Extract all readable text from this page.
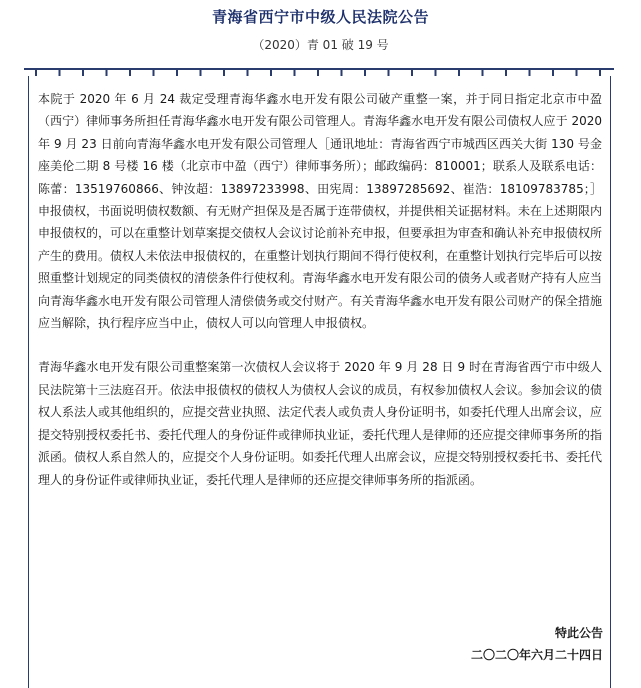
青海省西宁市中级人民法院公告
（2020）青 01 破 19 号

本院于 2020 年 6 月 24 裁定受理青海华鑫水电开发有限公司破产重整一案，并于同日指定北京市中盈（西宁）律师事务所担任青海华鑫水电开发有限公司管理人。青海华鑫水电开发有限公司债权人应于 2020 年 9 月 23 日前向青海华鑫水电开发有限公司管理人［通讯地址：青海省西宁市城西区西关大街 130 号金座美伦二期 8 号楼 16 楼（北京市中盈（西宁）律师事务所）；邮政编码：810001；联系人及联系电话：陈蕾：13519760866、钟汝超：13897233998、田宪周：13897285692、崔浩：18109783785；］申报债权，书面说明债权数额、有无财产担保及是否属于连带债权，并提供相关证据材料。未在上述期限内申报债权的，可以在重整计划草案提交债权人会议讨论前补充申报，但要承担为审查和确认补充申报债权所产生的费用。债权人未依法申报债权的，在重整计划执行期间不得行使权利，在重整计划执行完毕后可以按照重整计划规定的同类债权的清偿条件行使权利。青海华鑫水电开发有限公司的债务人或者财产持有人应当向青海华鑫水电开发有限公司管理人清偿债务或交付财产。有关青海华鑫水电开发有限公司财产的保全措施应当解除，执行程序应当中止，债权人可以向管理人申报债权。

青海华鑫水电开发有限公司重整案第一次债权人会议将于 2020 年 9 月 28 日 9 时在青海省西宁市中级人民法院第十三法庭召开。依法申报债权的债权人为债权人会议的成员，有权参加债权人会议。参加会议的债权人系法人或其他组织的，应提交营业执照、法定代表人或负责人身份证明书，如委托代理人出席会议，应提交特别授权委托书、委托代理人的身份证件或律师执业证，委托代理人是律师的还应提交律师事务所的指派函。债权人系自然人的，应提交个人身份证明。如委托代理人出席会议，应提交特别授权委托书、委托代理人的身份证件或律师执业证，委托代理人是律师的还应提交律师事务所的指派函。

特此公告
二〇二〇年六月二十四日
